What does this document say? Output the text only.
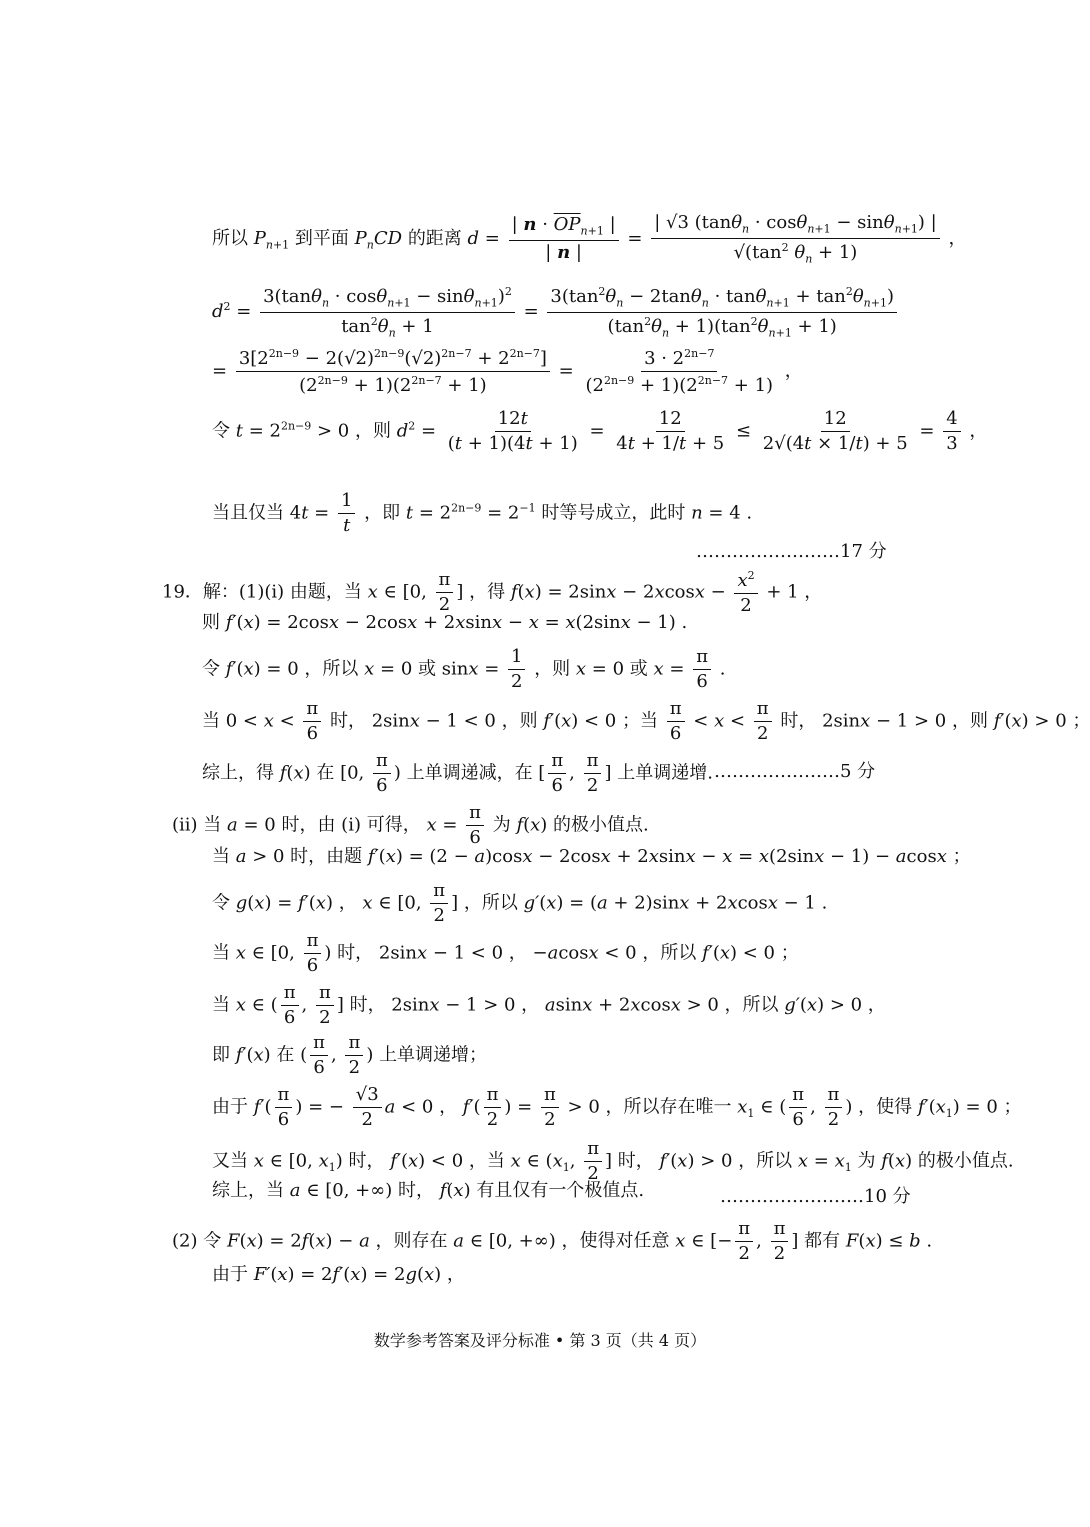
所以 $P_{n+1}$ 到平面 $P_nCD$ 的距离 d =
| $n \cdot \overline{OP}_{n+1}$ |
| n |
= $\frac{| √3 (\tan\theta_n \cdot \cos\theta_{n+1} - \sin\theta_{n+1}) |}{√(\tan^2 \theta_n + 1)}$ ，
$d^2 = \frac{3(\tan\theta_n \cdot \cos\theta_{n+1} - \sin\theta_{n+1})^2}{\tan^2\theta_n + 1} = \frac{3(\tan^2\theta_n - 2\tan\theta_n \cdot \tan\theta_{n+1} + \tan^2\theta_{n+1})}{(\tan^2\theta_n + 1)(\tan^2\theta_{n+1} + 1)}$
= $\frac{3[2^{2n-9} - 2(√2)^{2n-9}(√2)^{2n-7} + 2^{2n-7}]}{(2^{2n-9} + 1)(2^{2n-7} + 1)} = \frac{3 \cdot 2^{2n-7}}{(2^{2n-9} + 1)(2^{2n-7} + 1)}$ ，
令 $t = 2^{2n-9} > 0$ ，则 $d^2 = \frac{12t}{(t + 1)(4t + 1)} = \frac{12}{4t + 1/t + 5} \le \frac{12}{2√(4t \times 1/t) + 5} = \frac{4}{3}$ ，
当且仅当 $4t = \frac{1}{t}$ ，即 $t = 2^{2n-9} = 2^{-1}$ 时等号成立，此时 n = 4 .
……………………17 分
19．解：(1)(i) 由题，当 x ∈ [0, $\frac{\pi}{2}$ ] ，得 $f(x) = 2\sin x - 2xcosx - \frac{x^2}{2} + 1$ ，
则 f′(x) = 2cosx − 2cosx + 2xsinx − x = x(2sinx − 1) .
令 f′(x) = 0 ，所以 x = 0 或 $\sin x = \frac{1}{2}$ ，则 x = 0 或 $x = \frac{\pi}{6}$ .
当 $0 < x < \frac{\pi}{6}$ 时， 2sinx − 1 < 0 ，则 f′(x) < 0 ；当 $\frac{\pi}{6} < x < \frac{\pi}{2}$ 时， 2sinx − 1 > 0 ，则 f′(x) > 0 ；
综上，得 f(x) 在 [0, $\frac{\pi}{6}$ ) 上单调递减，在 [ $\frac{\pi}{6}$ , $\frac{\pi}{2}$ ] 上单调递增. …………………5 分
(ii) 当 a = 0 时，由 (i) 可得， $x = \frac{\pi}{6}$ 为 f(x) 的极小值点.
当 a > 0 时，由题 f′(x) = (2 − a)cosx − 2cosx + 2xsinx − x = x(2sinx − 1) − acosx ；
令 g(x) = f′(x) ， x ∈ [0, $\frac{\pi}{2}$ ] ，所以 g′(x) = (a + 2)sinx + 2xcosx − 1 .
当 x ∈ [0, $\frac{\pi}{6}$ ) 时， 2sinx − 1 < 0 ， −acosx < 0 ，所以 f′(x) < 0 ；
当 x ∈ ( $\frac{\pi}{6}$ , $\frac{\pi}{2}$ ] 时， 2sinx − 1 > 0 ， asinx + 2xcosx > 0 ，所以 g′(x) > 0 ，
即 f′(x) 在 ( $\frac{\pi}{6}$ , $\frac{\pi}{2}$ ) 上单调递增；
由于 $f'( \frac{\pi}{6}$ ) = − $\frac{√3}{2}$ a < 0 ， $f'( \frac{\pi}{2}$ ) = $\frac{\pi}{2} > 0$ ，所以存在唯一 $x_1$ ∈ ( $\frac{\pi}{6}$ , $\frac{\pi}{2}$ ) ，使得 $f'(x_1) = 0$ ；
又当 x ∈ [0, $x_1$) 时， f′(x) < 0 ，当 x ∈ ($x_1$, $\frac{\pi}{2}$ ] 时， f′(x) > 0 ，所以 $x = x_1$ 为 f(x) 的极小值点.
综上，当 a ∈ [0, +∞) 时， f(x) 有且仅有一个极值点.	……………………10 分
(2) 令 F(x) = 2f(x) − a ，则存在 a ∈ [0, +∞) ，使得对任意 x ∈ [− $\frac{\pi}{2}$ , $\frac{\pi}{2}$ ] 都有 F(x) ≤ b .
由于 F′(x) = 2f′(x) = 2g(x) ，
数学参考答案及评分标准 • 第 3 页（共 4 页）
